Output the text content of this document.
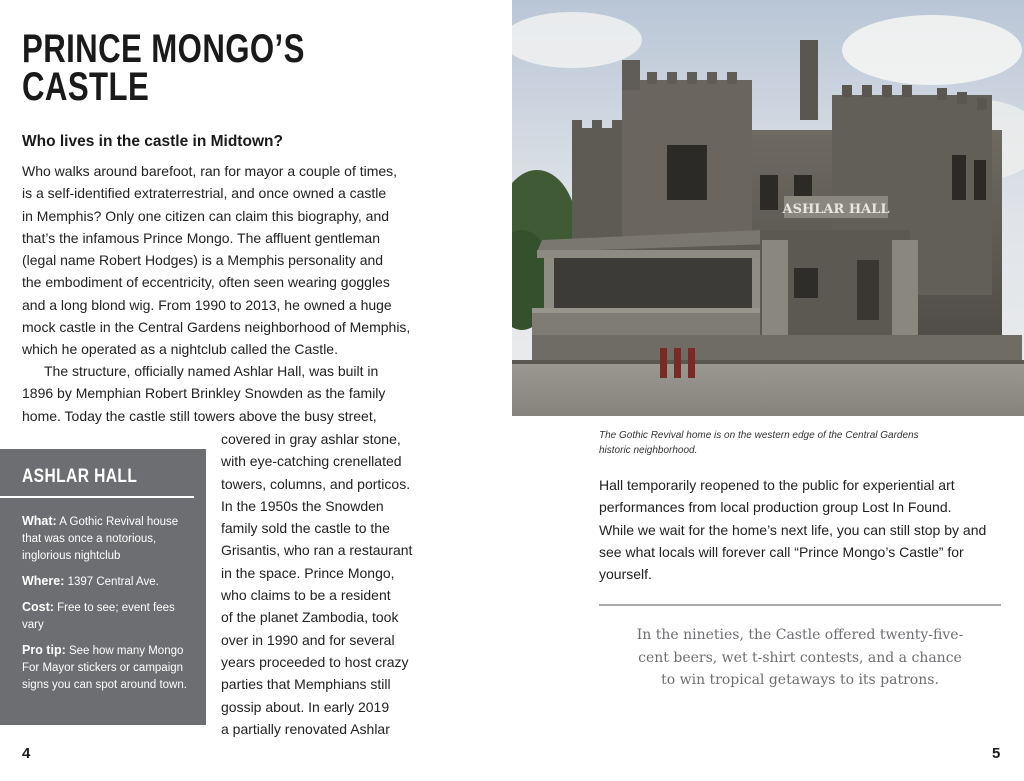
PRINCE MONGO’S
CASTLE
Who lives in the castle in Midtown?
Who walks around barefoot, ran for mayor a couple of times,
is a self-identified extraterrestrial, and once owned a castle
in Memphis? Only one citizen can claim this biography, and
that’s the infamous Prince Mongo. The affluent gentleman
(legal name Robert Hodges) is a Memphis personality and
the embodiment of eccentricity, often seen wearing goggles
and a long blond wig. From 1990 to 2013, he owned a huge
mock castle in the Central Gardens neighborhood of Memphis,
which he operated as a nightclub called the Castle.
The structure, officially named Ashlar Hall, was built in
1896 by Memphian Robert Brinkley Snowden as the family
home. Today the castle still towers above the busy street,
covered in gray ashlar stone,
with eye-catching crenellated
towers, columns, and porticos.
In the 1950s the Snowden
family sold the castle to the
Grisantis, who ran a restaurant
in the space. Prince Mongo,
who claims to be a resident
of the planet Zambodia, took
over in 1990 and for several
years proceeded to host crazy
parties that Memphians still
gossip about. In early 2019
a partially renovated Ashlar
ASHLAR HALL
What: A Gothic Revival house that was once a notorious, inglorious nightclub
Where: 1397 Central Ave.
Cost: Free to see; event fees vary
Pro tip: See how many Mongo For Mayor stickers or campaign signs you can spot around town.
4
ASHLAR HALL
The Gothic Revival home is on the western edge of the Central Gardens
historic neighborhood.
Hall temporarily reopened to the public for experiential art
performances from local production group Lost In Found.
While we wait for the home’s next life, you can still stop by and
see what locals will forever call “Prince Mongo’s Castle” for
yourself.
In the nineties, the Castle offered twenty-five-
cent beers, wet t-shirt contests, and a chance
to win tropical getaways to its patrons.
5
